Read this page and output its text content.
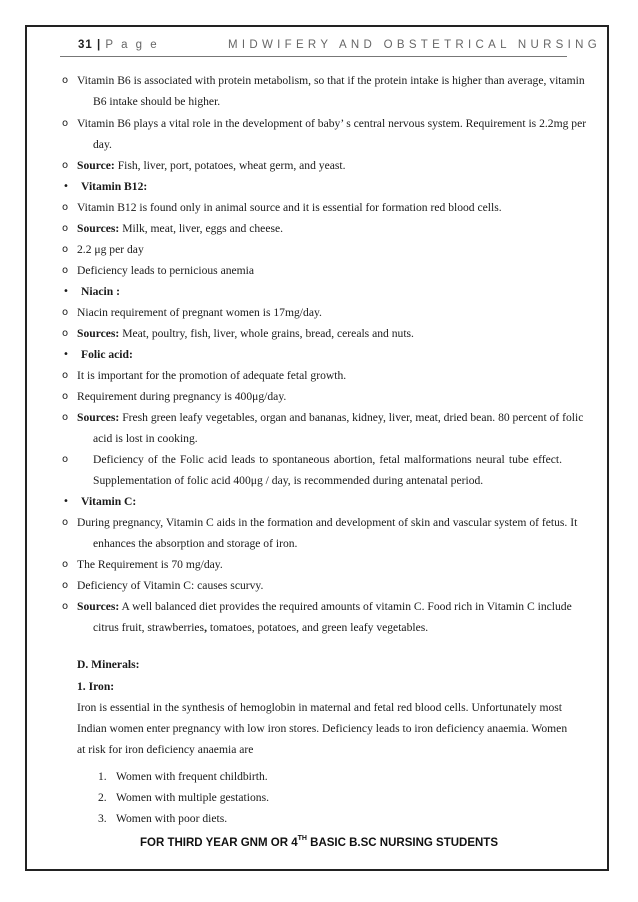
31 | P a g e	MIDWIFERY AND OBSTETRICAL NURSING
o Vitamin B6 is associated with protein metabolism, so that if the protein intake is higher than average, vitamin
B6 intake should be higher.
o Vitamin B6 plays a vital role in the development of baby’ s central nervous system. Requirement is 2.2mg per
day.
o Source: Fish, liver, port, potatoes, wheat germ, and yeast.
• Vitamin B12:
o Vitamin B12 is found only in animal source and it is essential for formation red blood cells.
o Sources: Milk, meat, liver, eggs and cheese.
o 2.2 μg per day
o Deficiency leads to pernicious anemia
• Niacin :
o Niacin requirement of pregnant women is 17mg/day.
o Sources: Meat, poultry, fish, liver, whole grains, bread, cereals and nuts.
• Folic acid:
o It is important for the promotion of adequate fetal growth.
o Requirement during pregnancy is 400μg/day.
o Sources: Fresh green leafy vegetables, organ and bananas, kidney, liver, meat, dried bean. 80 percent of folic
acid is lost in cooking.
o Deficiency of the Folic acid leads to spontaneous abortion, fetal malformations neural tube effect.
Supplementation of folic acid 400μg / day, is recommended during antenatal period.
• Vitamin C:
o During pregnancy, Vitamin C aids in the formation and development of skin and vascular system of fetus. It
enhances the absorption and storage of iron.
o The Requirement is 70 mg/day.
o Deficiency of Vitamin C: causes scurvy.
o Sources: A well balanced diet provides the required amounts of vitamin C. Food rich in Vitamin C include
citrus fruit, strawberries, tomatoes, potatoes, and green leafy vegetables.
D. Minerals:
1. Iron:
Iron is essential in the synthesis of hemoglobin in maternal and fetal red blood cells. Unfortunately most
Indian women enter pregnancy with low iron stores. Deficiency leads to iron deficiency anaemia. Women
at risk for iron deficiency anaemia are
1. Women with frequent childbirth.
2. Women with multiple gestations.
3. Women with poor diets.
FOR THIRD YEAR GNM OR 4TH BASIC B.SC NURSING STUDENTS
